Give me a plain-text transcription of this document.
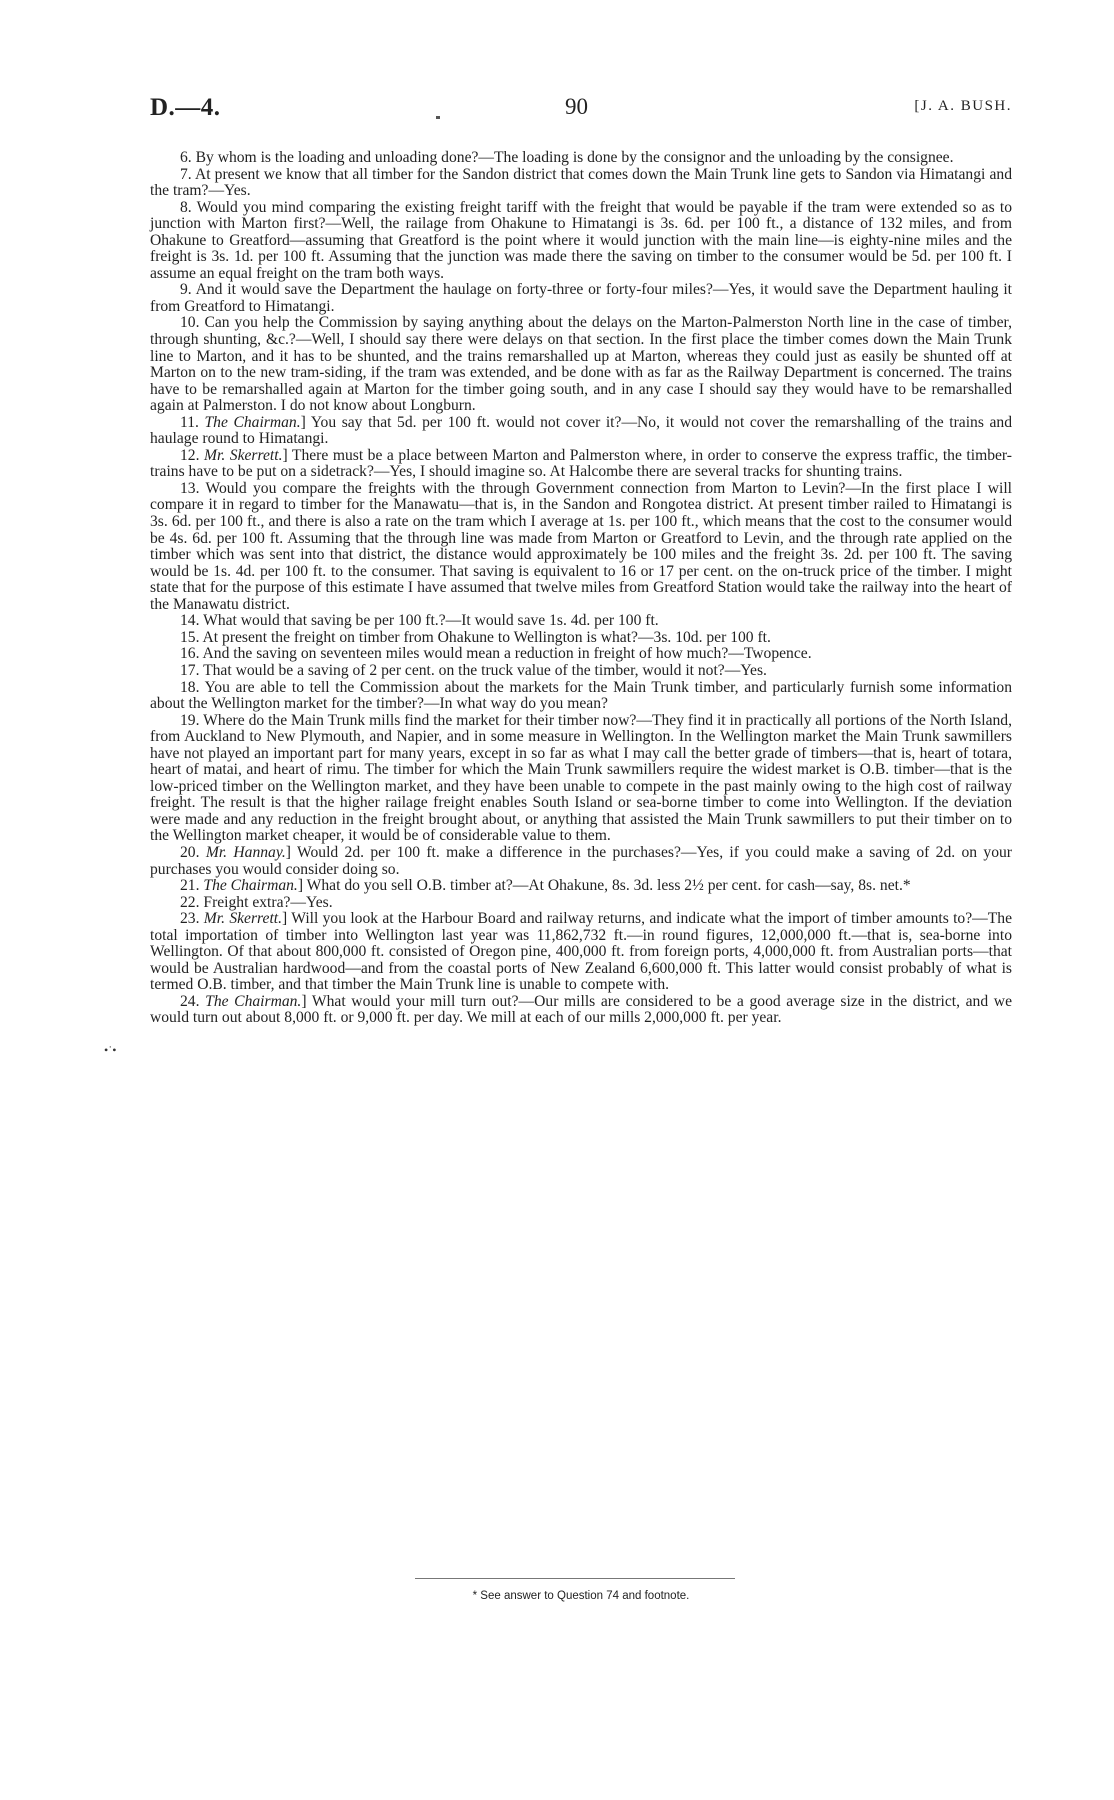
D.—4.	90	[J. A. BUSH.

6. By whom is the loading and unloading done?—The loading is done by the consignor and the unloading by the consignee.

7. At present we know that all timber for the Sandon district that comes down the Main Trunk line gets to Sandon via Himatangi and the tram?—Yes.

8. Would you mind comparing the existing freight tariff with the freight that would be payable if the tram were extended so as to junction with Marton first?—Well, the railage from Ohakune to Himatangi is 3s. 6d. per 100 ft., a distance of 132 miles, and from Ohakune to Greatford—assuming that Greatford is the point where it would junction with the main line—is eighty-nine miles and the freight is 3s. 1d. per 100 ft. Assuming that the junction was made there the saving on timber to the consumer would be 5d. per 100 ft. I assume an equal freight on the tram both ways.

9. And it would save the Department the haulage on forty-three or forty-four miles?—Yes, it would save the Department hauling it from Greatford to Himatangi.

10. Can you help the Commission by saying anything about the delays on the Marton-Palmerston North line in the case of timber, through shunting, &c.?—Well, I should say there were delays on that section. In the first place the timber comes down the Main Trunk line to Marton, and it has to be shunted, and the trains remarshalled up at Marton, whereas they could just as easily be shunted off at Marton on to the new tram-siding, if the tram was extended, and be done with as far as the Railway Department is concerned. The trains have to be remarshalled again at Marton for the timber going south, and in any case I should say they would have to be remarshalled again at Palmerston. I do not know about Longburn.

11. The Chairman.] You say that 5d. per 100 ft. would not cover it?—No, it would not cover the remarshalling of the trains and haulage round to Himatangi.

12. Mr. Skerrett.] There must be a place between Marton and Palmerston where, in order to conserve the express traffic, the timber-trains have to be put on a sidetrack?—Yes, I should imagine so. At Halcombe there are several tracks for shunting trains.

13. Would you compare the freights with the through Government connection from Marton to Levin?—In the first place I will compare it in regard to timber for the Manawatu—that is, in the Sandon and Rongotea district. At present timber railed to Himatangi is 3s. 6d. per 100 ft., and there is also a rate on the tram which I average at 1s. per 100 ft., which means that the cost to the consumer would be 4s. 6d. per 100 ft. Assuming that the through line was made from Marton or Greatford to Levin, and the through rate applied on the timber which was sent into that district, the distance would approximately be 100 miles and the freight 3s. 2d. per 100 ft. The saving would be 1s. 4d. per 100 ft. to the consumer. That saving is equivalent to 16 or 17 per cent. on the on-truck price of the timber. I might state that for the purpose of this estimate I have assumed that twelve miles from Greatford Station would take the railway into the heart of the Manawatu district.

14. What would that saving be per 100 ft.?—It would save 1s. 4d. per 100 ft.

15. At present the freight on timber from Ohakune to Wellington is what?—3s. 10d. per 100 ft.

16. And the saving on seventeen miles would mean a reduction in freight of how much?—Twopence.

17. That would be a saving of 2 per cent. on the truck value of the timber, would it not?—Yes.

18. You are able to tell the Commission about the markets for the Main Trunk timber, and particularly furnish some information about the Wellington market for the timber?—In what way do you mean?

19. Where do the Main Trunk mills find the market for their timber now?—They find it in practically all portions of the North Island, from Auckland to New Plymouth, and Napier, and in some measure in Wellington. In the Wellington market the Main Trunk sawmillers have not played an important part for many years, except in so far as what I may call the better grade of timbers—that is, heart of totara, heart of matai, and heart of rimu. The timber for which the Main Trunk sawmillers require the widest market is O.B. timber—that is the low-priced timber on the Wellington market, and they have been unable to compete in the past mainly owing to the high cost of railway freight. The result is that the higher railage freight enables South Island or sea-borne timber to come into Wellington. If the deviation were made and any reduction in the freight brought about, or anything that assisted the Main Trunk sawmillers to put their timber on to the Wellington market cheaper, it would be of considerable value to them.

20. Mr. Hannay.] Would 2d. per 100 ft. make a difference in the purchases?—Yes, if you could make a saving of 2d. on your purchases you would consider doing so.

21. The Chairman.] What do you sell O.B. timber at?—At Ohakune, 8s. 3d. less 2½ per cent. for cash—say, 8s. net.*

22. Freight extra?—Yes.

23. Mr. Skerrett.] Will you look at the Harbour Board and railway returns, and indicate what the import of timber amounts to?—The total importation of timber into Wellington last year was 11,862,732 ft.—in round figures, 12,000,000 ft.—that is, sea-borne into Wellington. Of that about 800,000 ft. consisted of Oregon pine, 400,000 ft. from foreign ports, 4,000,000 ft. from Australian ports—that would be Australian hardwood—and from the coastal ports of New Zealand 6,600,000 ft. This latter would consist probably of what is termed O.B. timber, and that timber the Main Trunk line is unable to compete with.

24. The Chairman.] What would your mill turn out?—Our mills are considered to be a good average size in the district, and we would turn out about 8,000 ft. or 9,000 ft. per day. We mill at each of our mills 2,000,000 ft. per year.

•˙•
* See answer to Question 74 and footnote.
